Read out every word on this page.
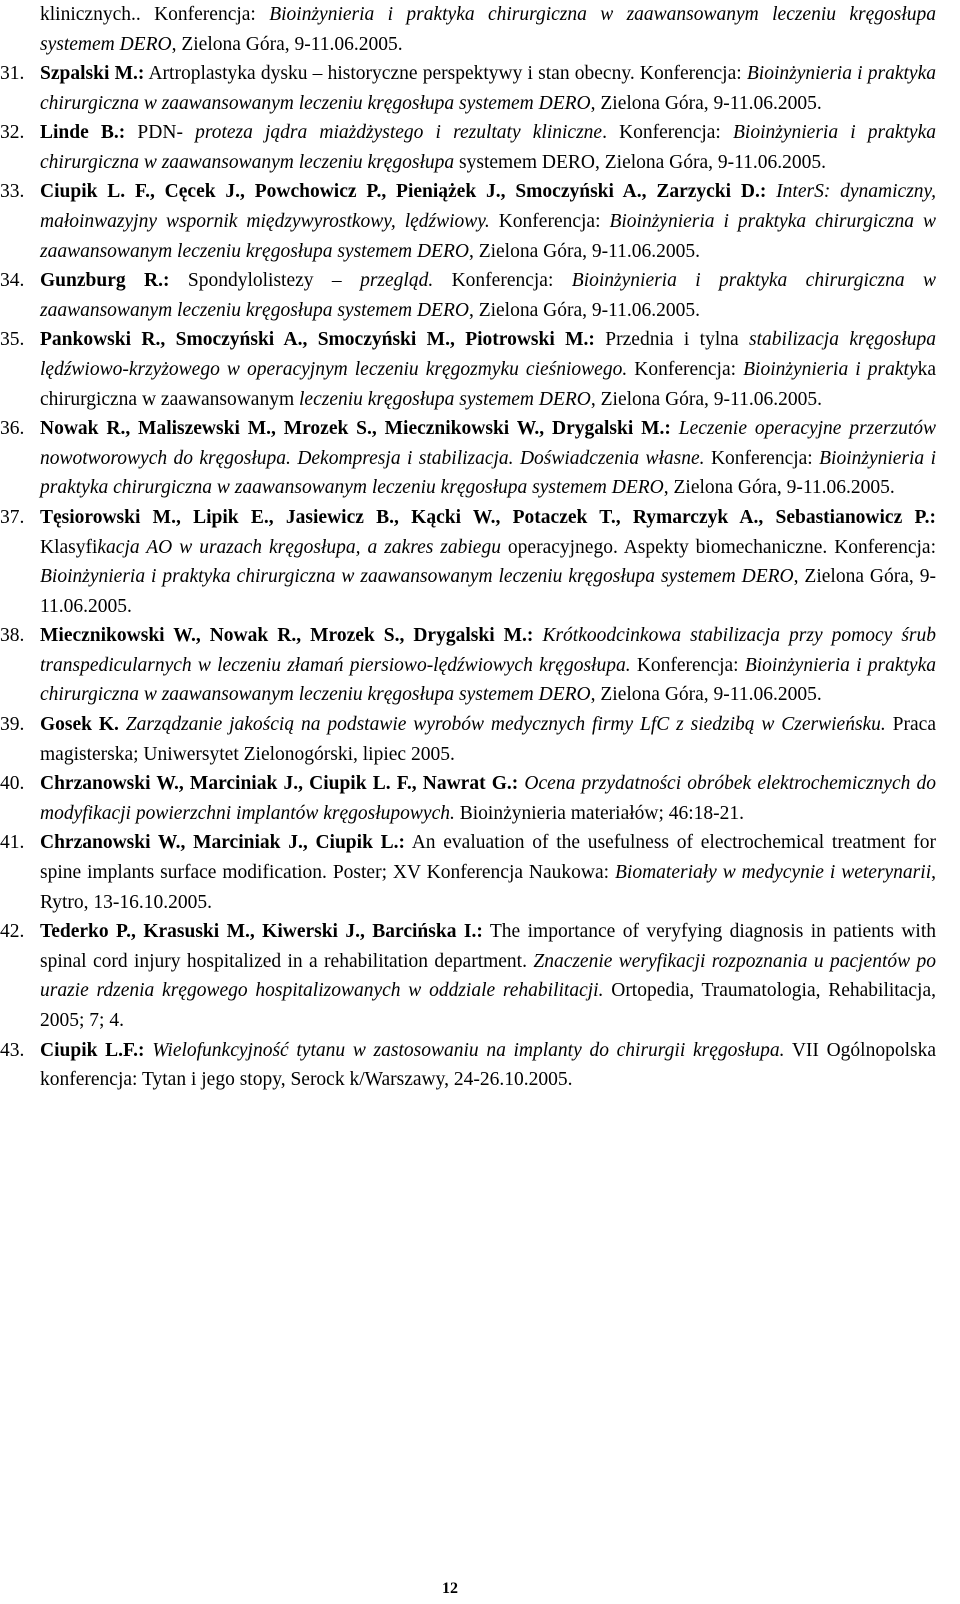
klinicznych.. Konferencja: Bioinżynieria i praktyka chirurgiczna w zaawansowanym leczeniu kręgosłupa systemem DERO, Zielona Góra, 9-11.06.2005.
31. Szpalski M.: Artroplastyka dysku – historyczne perspektywy i stan obecny. Konferencja: Bioinżynieria i praktyka chirurgiczna w zaawansowanym leczeniu kręgosłupa systemem DERO, Zielona Góra, 9-11.06.2005.
32. Linde B.: PDN- proteza jądra miażdżystego i rezultaty kliniczne. Konferencja: Bioinżynieria i praktyka chirurgiczna w zaawansowanym leczeniu kręgosłupa systemem DERO, Zielona Góra, 9-11.06.2005.
33. Ciupik L. F., Cęcek J., Powchowicz P., Pieniążek J., Smoczyński A., Zarzycki D.: InterS: dynamiczny, małoinwazyjny wspornik międzywyrostkowy, lędźwiowy. Konferencja: Bioinżynieria i praktyka chirurgiczna w zaawansowanym leczeniu kręgosłupa systemem DERO, Zielona Góra, 9-11.06.2005.
34. Gunzburg R.: Spondylolistezy – przegląd. Konferencja: Bioinżynieria i praktyka chirurgiczna w zaawansowanym leczeniu kręgosłupa systemem DERO, Zielona Góra, 9-11.06.2005.
35. Pankowski R., Smoczyński A., Smoczyński M., Piotrowski M.: Przednia i tylna stabilizacja kręgosłupa lędźwiowo-krzyżowego w operacyjnym leczeniu kręgozmyku cieśniowego. Konferencja: Bioinżynieria i praktyka chirurgiczna w zaawansowanym leczeniu kręgosłupa systemem DERO, Zielona Góra, 9-11.06.2005.
36. Nowak R., Maliszewski M., Mrozek S., Miecznikowski W., Drygalski M.: Leczenie operacyjne przerzutów nowotworowych do kręgosłupa. Dekompresja i stabilizacja. Doświadczenia własne. Konferencja: Bioinżynieria i praktyka chirurgiczna w zaawansowanym leczeniu kręgosłupa systemem DERO, Zielona Góra, 9-11.06.2005.
37. Tęsiorowski M., Lipik E., Jasiewicz B., Kącki W., Potaczek T., Rymarczyk A., Sebastianowicz P.: Klasyfikacja AO w urazach kręgosłupa, a zakres zabiegu operacyjnego. Aspekty biomechaniczne. Konferencja: Bioinżynieria i praktyka chirurgiczna w zaawansowanym leczeniu kręgosłupa systemem DERO, Zielona Góra, 9-11.06.2005.
38. Miecznikowski W., Nowak R., Mrozek S., Drygalski M.: Krótkoodcinkowa stabilizacja przy pomocy śrub transpedicularnych w leczeniu złamań piersiowo-lędźwiowych kręgosłupa. Konferencja: Bioinżynieria i praktyka chirurgiczna w zaawansowanym leczeniu kręgosłupa systemem DERO, Zielona Góra, 9-11.06.2005.
39. Gosek K. Zarządzanie jakością na podstawie wyrobów medycznych firmy LfC z siedzibą w Czerwieńsku. Praca magisterska; Uniwersytet Zielonogórski, lipiec 2005.
40. Chrzanowski W., Marciniak J., Ciupik L. F., Nawrat G.: Ocena przydatności obróbek elektrochemicznych do modyfikacji powierzchni implantów kręgosłupowych. Bioinżynieria materiałów; 46:18-21.
41. Chrzanowski W., Marciniak J., Ciupik L.: An evaluation of the usefulness of electrochemical treatment for spine implants surface modification. Poster; XV Konferencja Naukowa: Biomateriały w medycynie i weterynarii, Rytro, 13-16.10.2005.
42. Tederko P., Krasuski M., Kiwerski J., Barcińska I.: The importance of veryfying diagnosis in patients with spinal cord injury hospitalized in a rehabilitation department. Znaczenie weryfikacji rozpoznania u pacjentów po urazie rdzenia kręgowego hospitalizowanych w oddziale rehabilitacji. Ortopedia, Traumatologia, Rehabilitacja, 2005; 7; 4.
43. Ciupik L.F.: Wielofunkcyjność tytanu w zastosowaniu na implanty do chirurgii kręgosłupa. VII Ogólnopolska konferencja: Tytan i jego stopy, Serock k/Warszawy, 24-26.10.2005.
12
